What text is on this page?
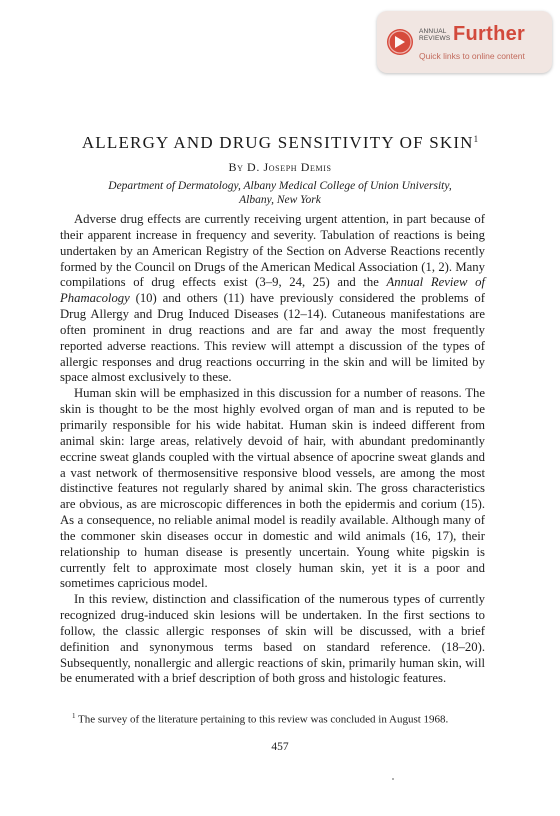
ANNUAL
REVIEWS Further
Quick links to online content
ALLERGY AND DRUG SENSITIVITY OF SKIN$^1$
By D. Joseph Demis
Department of Dermatology, Albany Medical College of Union University,
Albany, New York

Adverse drug effects are currently receiving urgent attention, in part because of their apparent increase in frequency and severity. Tabulation of reactions is being undertaken by an American Registry of the Section on Adverse Reactions recently formed by the Council on Drugs of the American Medical Association (1, 2). Many compilations of drug effects exist (3–9, 24, 25) and the Annual Review of Phamacology (10) and others (11) have previously considered the problems of Drug Allergy and Drug Induced Diseases (12–14). Cutaneous manifestations are often prominent in drug reactions and are far and away the most frequently reported adverse reactions. This review will attempt a discussion of the types of allergic responses and drug reactions occurring in the skin and will be limited by space almost exclusively to these.

Human skin will be emphasized in this discussion for a number of reasons. The skin is thought to be the most highly evolved organ of man and is reputed to be primarily responsible for his wide habitat. Human skin is indeed different from animal skin: large areas, relatively devoid of hair, with abundant predominantly eccrine sweat glands coupled with the virtual absence of apocrine sweat glands and a vast network of thermosensitive responsive blood vessels, are among the most distinctive features not regularly shared by animal skin. The gross characteristics are obvious, as are microscopic differences in both the epidermis and corium (15). As a consequence, no reliable animal model is readily available. Although many of the commoner skin diseases occur in domestic and wild animals (16, 17), their relationship to human disease is presently uncertain. Young white pigskin is currently felt to approximate most closely human skin, yet it is a poor and sometimes capricious model.

In this review, distinction and classification of the numerous types of currently recognized drug-induced skin lesions will be undertaken. In the first sections to follow, the classic allergic responses of skin will be discussed, with a brief definition and synonymous terms based on standard reference. (18–20). Subsequently, nonallergic and allergic reactions of skin, primarily human skin, will be enumerated with a brief description of both gross and histologic features.

$^1$ The survey of the literature pertaining to this review was concluded in August 1968.
457
